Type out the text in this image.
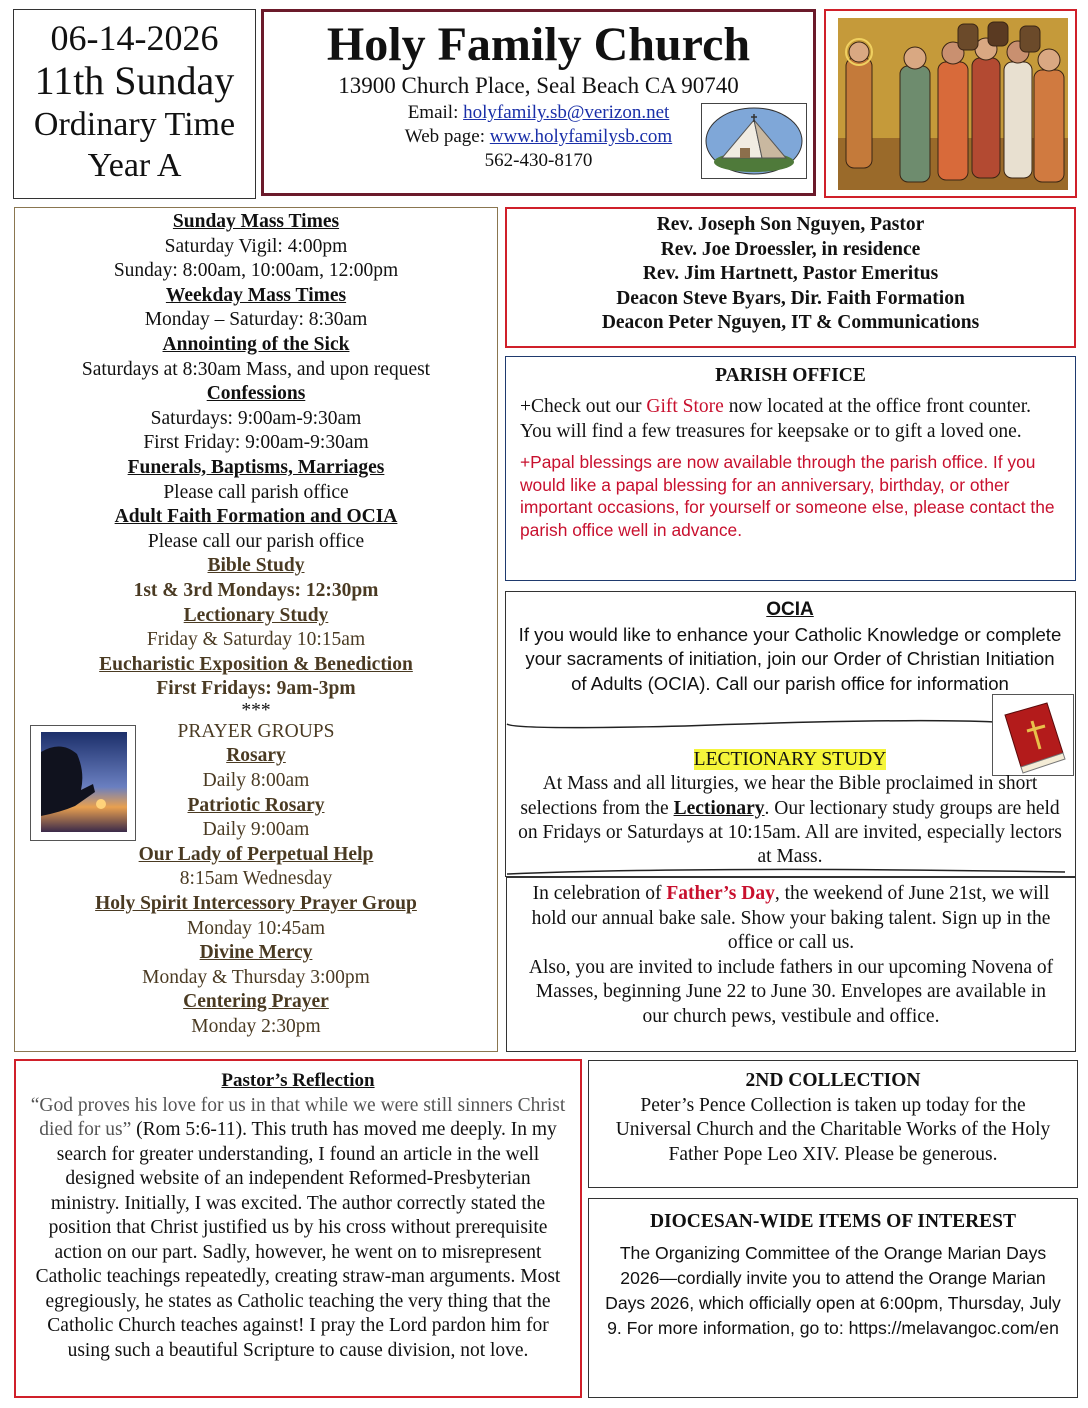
06-14-2026
11th Sunday
Ordinary Time
Year A
Holy Family Church
13900 Church Place, Seal Beach CA 90740
Email: holyfamily.sb@verizon.net
Web page: www.holyfamilysb.com
562-430-8170
Sunday Mass Times
Saturday Vigil: 4:00pm
Sunday: 8:00am, 10:00am, 12:00pm
Weekday Mass Times
Monday – Saturday: 8:30am
Annointing of the Sick
Saturdays at 8:30am Mass, and upon request
Confessions
Saturdays: 9:00am-9:30am
First Friday: 9:00am-9:30am
Funerals, Baptisms, Marriages
Please call parish office
Adult Faith Formation and OCIA
Please call our parish office
Bible Study
1st & 3rd Mondays: 12:30pm
Lectionary Study
Friday & Saturday 10:15am
Eucharistic Exposition & Benediction
First Fridays: 9am-3pm
***
PRAYER GROUPS
Rosary
Daily 8:00am
Patriotic Rosary
Daily 9:00am
Our Lady of Perpetual Help
8:15am Wednesday
Holy Spirit Intercessory Prayer Group
Monday 10:45am
Divine Mercy
Monday & Thursday 3:00pm
Centering Prayer
Monday 2:30pm
Rev. Joseph Son Nguyen, Pastor
Rev. Joe Droessler, in residence
Rev. Jim Hartnett, Pastor Emeritus
Deacon Steve Byars, Dir. Faith Formation
Deacon Peter Nguyen, IT & Communications
PARISH OFFICE
+Check out our Gift Store now located at the office front counter. You will find a few treasures for keepsake or to gift a loved one.
+Papal blessings are now available through the parish office. If you would like a papal blessing for an anniversary, birthday, or other important occasions, for yourself or someone else, please contact the parish office well in advance.
OCIA
If you would like to enhance your Catholic Knowledge or complete your sacraments of initiation, join our Order of Christian Initiation of Adults (OCIA). Call our parish office for information
LECTIONARY STUDY
At Mass and all liturgies, we hear the Bible proclaimed in short selections from the Lectionary. Our lectionary study groups are held on Fridays or Saturdays at 10:15am. All are invited, especially lectors at Mass.
In celebration of Father’s Day, the weekend of June 21st, we will hold our annual bake sale. Show your baking talent. Sign up in the office or call us.
Also, you are invited to include fathers in our upcoming Novena of Masses, beginning June 22 to June 30. Envelopes are available in our church pews, vestibule and office.
Pastor’s Reflection
“God proves his love for us in that while we were still sinners Christ died for us” (Rom 5:6-11). This truth has moved me deeply. In my search for greater understanding, I found an article in the well designed website of an independent Reformed-Presbyterian ministry. Initially, I was excited. The author correctly stated the position that Christ justified us by his cross without prerequisite action on our part. Sadly, however, he went on to misrepresent Catholic teachings repeatedly, creating straw-man arguments. Most egregiously, he states as Catholic teaching the very thing that the Catholic Church teaches against! I pray the Lord pardon him for using such a beautiful Scripture to cause division, not love.
2ND COLLECTION
Peter’s Pence Collection is taken up today for the Universal Church and the Charitable Works of the Holy Father Pope Leo XIV. Please be generous.
DIOCESAN-WIDE ITEMS OF INTEREST
The Organizing Committee of the Orange Marian Days 2026—cordially invite you to attend the Orange Marian Days 2026, which officially open at 6:00pm, Thursday, July 9. For more information, go to: https://melavangoc.com/en
